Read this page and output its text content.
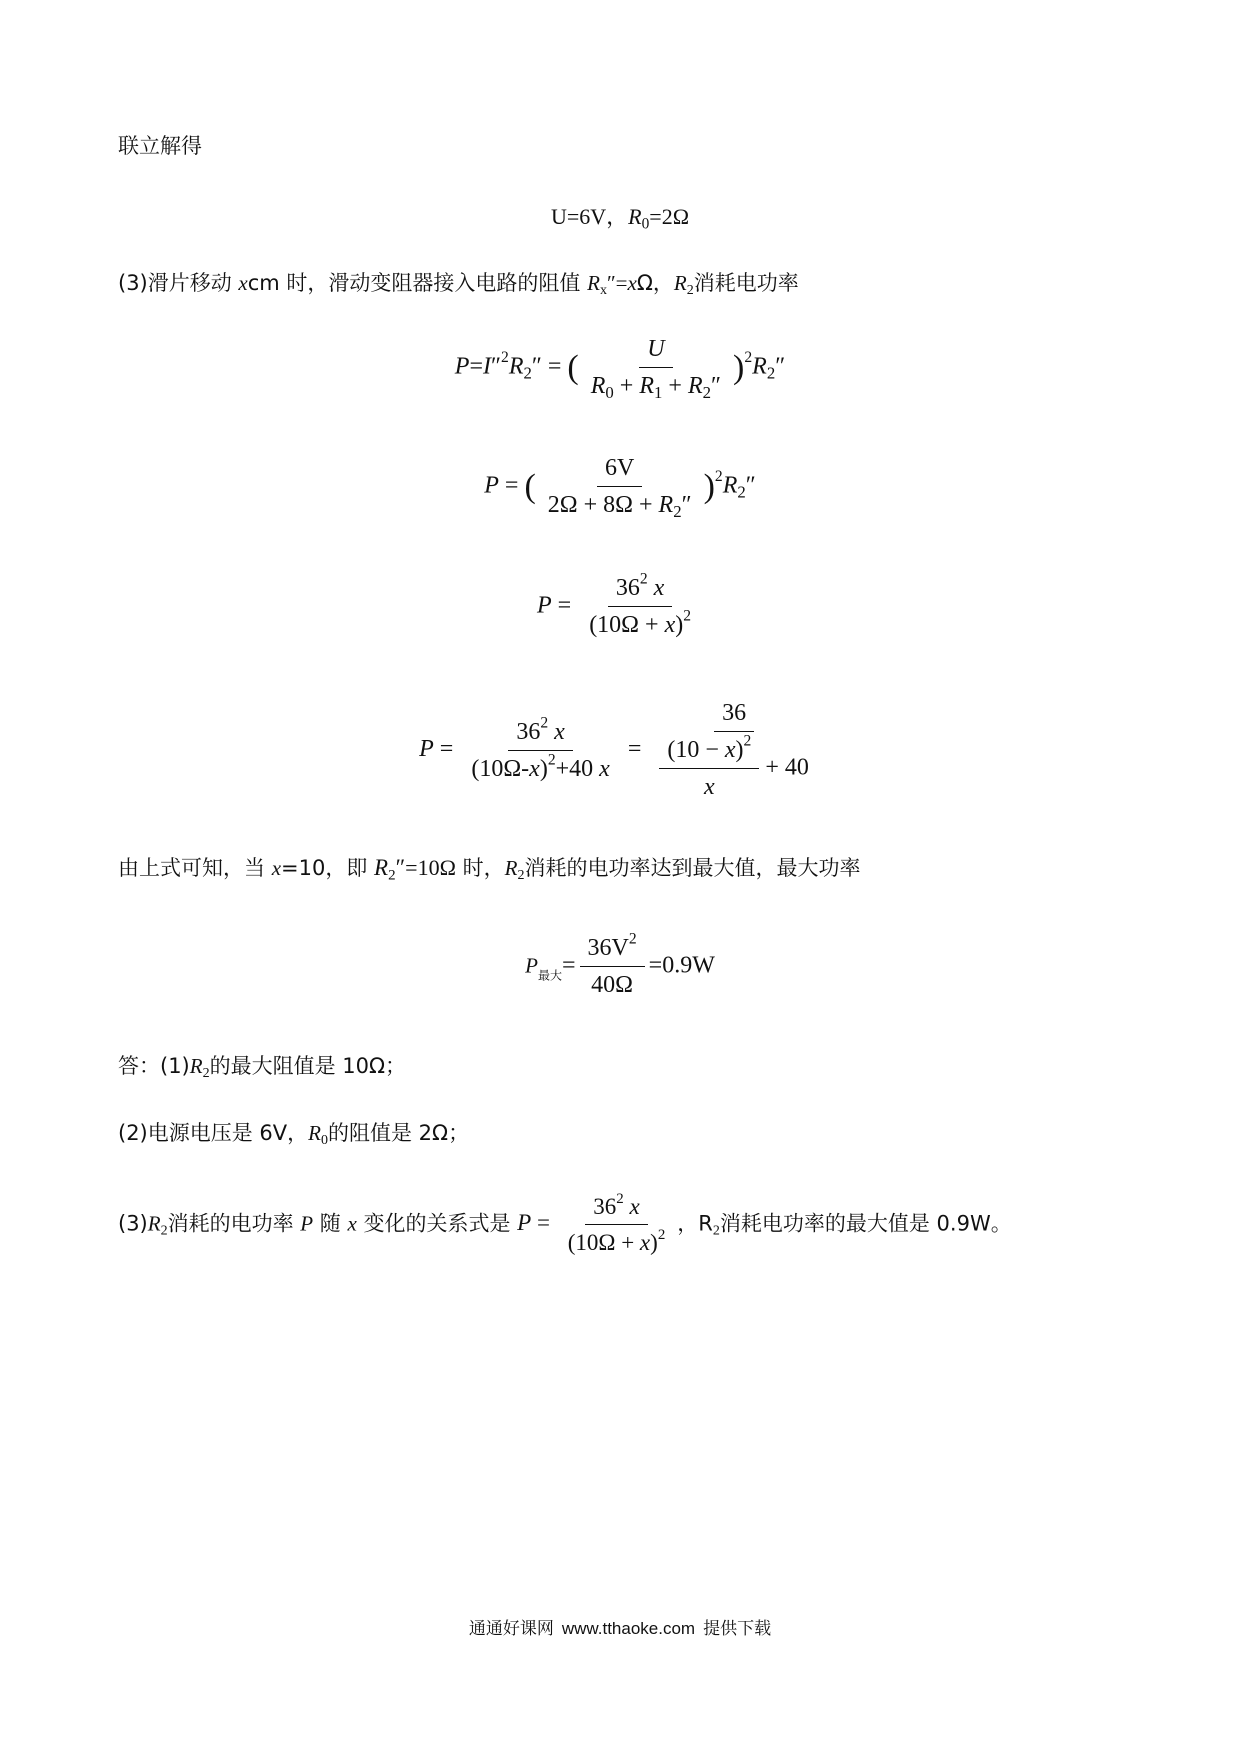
联立解得
U=6V，$R_0=2\Omega$
(3)滑片移动 xcm 时，滑动变阻器接入电路的阻值 $R_x''=x\Omega$，$R_2$消耗电功率
$P=I''^2R_2''$ = ( $\frac{U}{R_0 + R_1 + R_2''} )^2R_2''$
P = ( $\frac{6V}{2\Omega + 8\Omega + R_2''} )^2R_2''$
$P = \frac{36^2 x}{(10\Omega + x)^2}$
$P = \frac{36^2 x}{(10\Omega-x)^2+40 x} = \frac{36}{\frac{(10 - x)^2}{x} + 40}$
由上式可知，当 x=10，即 $R_2''=10\Omega$ 时，$R_2$消耗的电功率达到最大值，最大功率
$P_{最大}= \frac{36V^2}{40\Omega} =0.9W$
答：$(1)R_2$的最大阻值是 10Ω；
(2)电源电压是 6V，$R_0$的阻值是 2Ω；
$(3)R_2$消耗的电功率 P 随 x 变化的关系式是 $P = \frac{36^2 x}{(10\Omega + x)^2}$ ，$R_2$消耗电功率的最大值是 0.9W。
通通好课网 www.tthaoke.com 提供下载
